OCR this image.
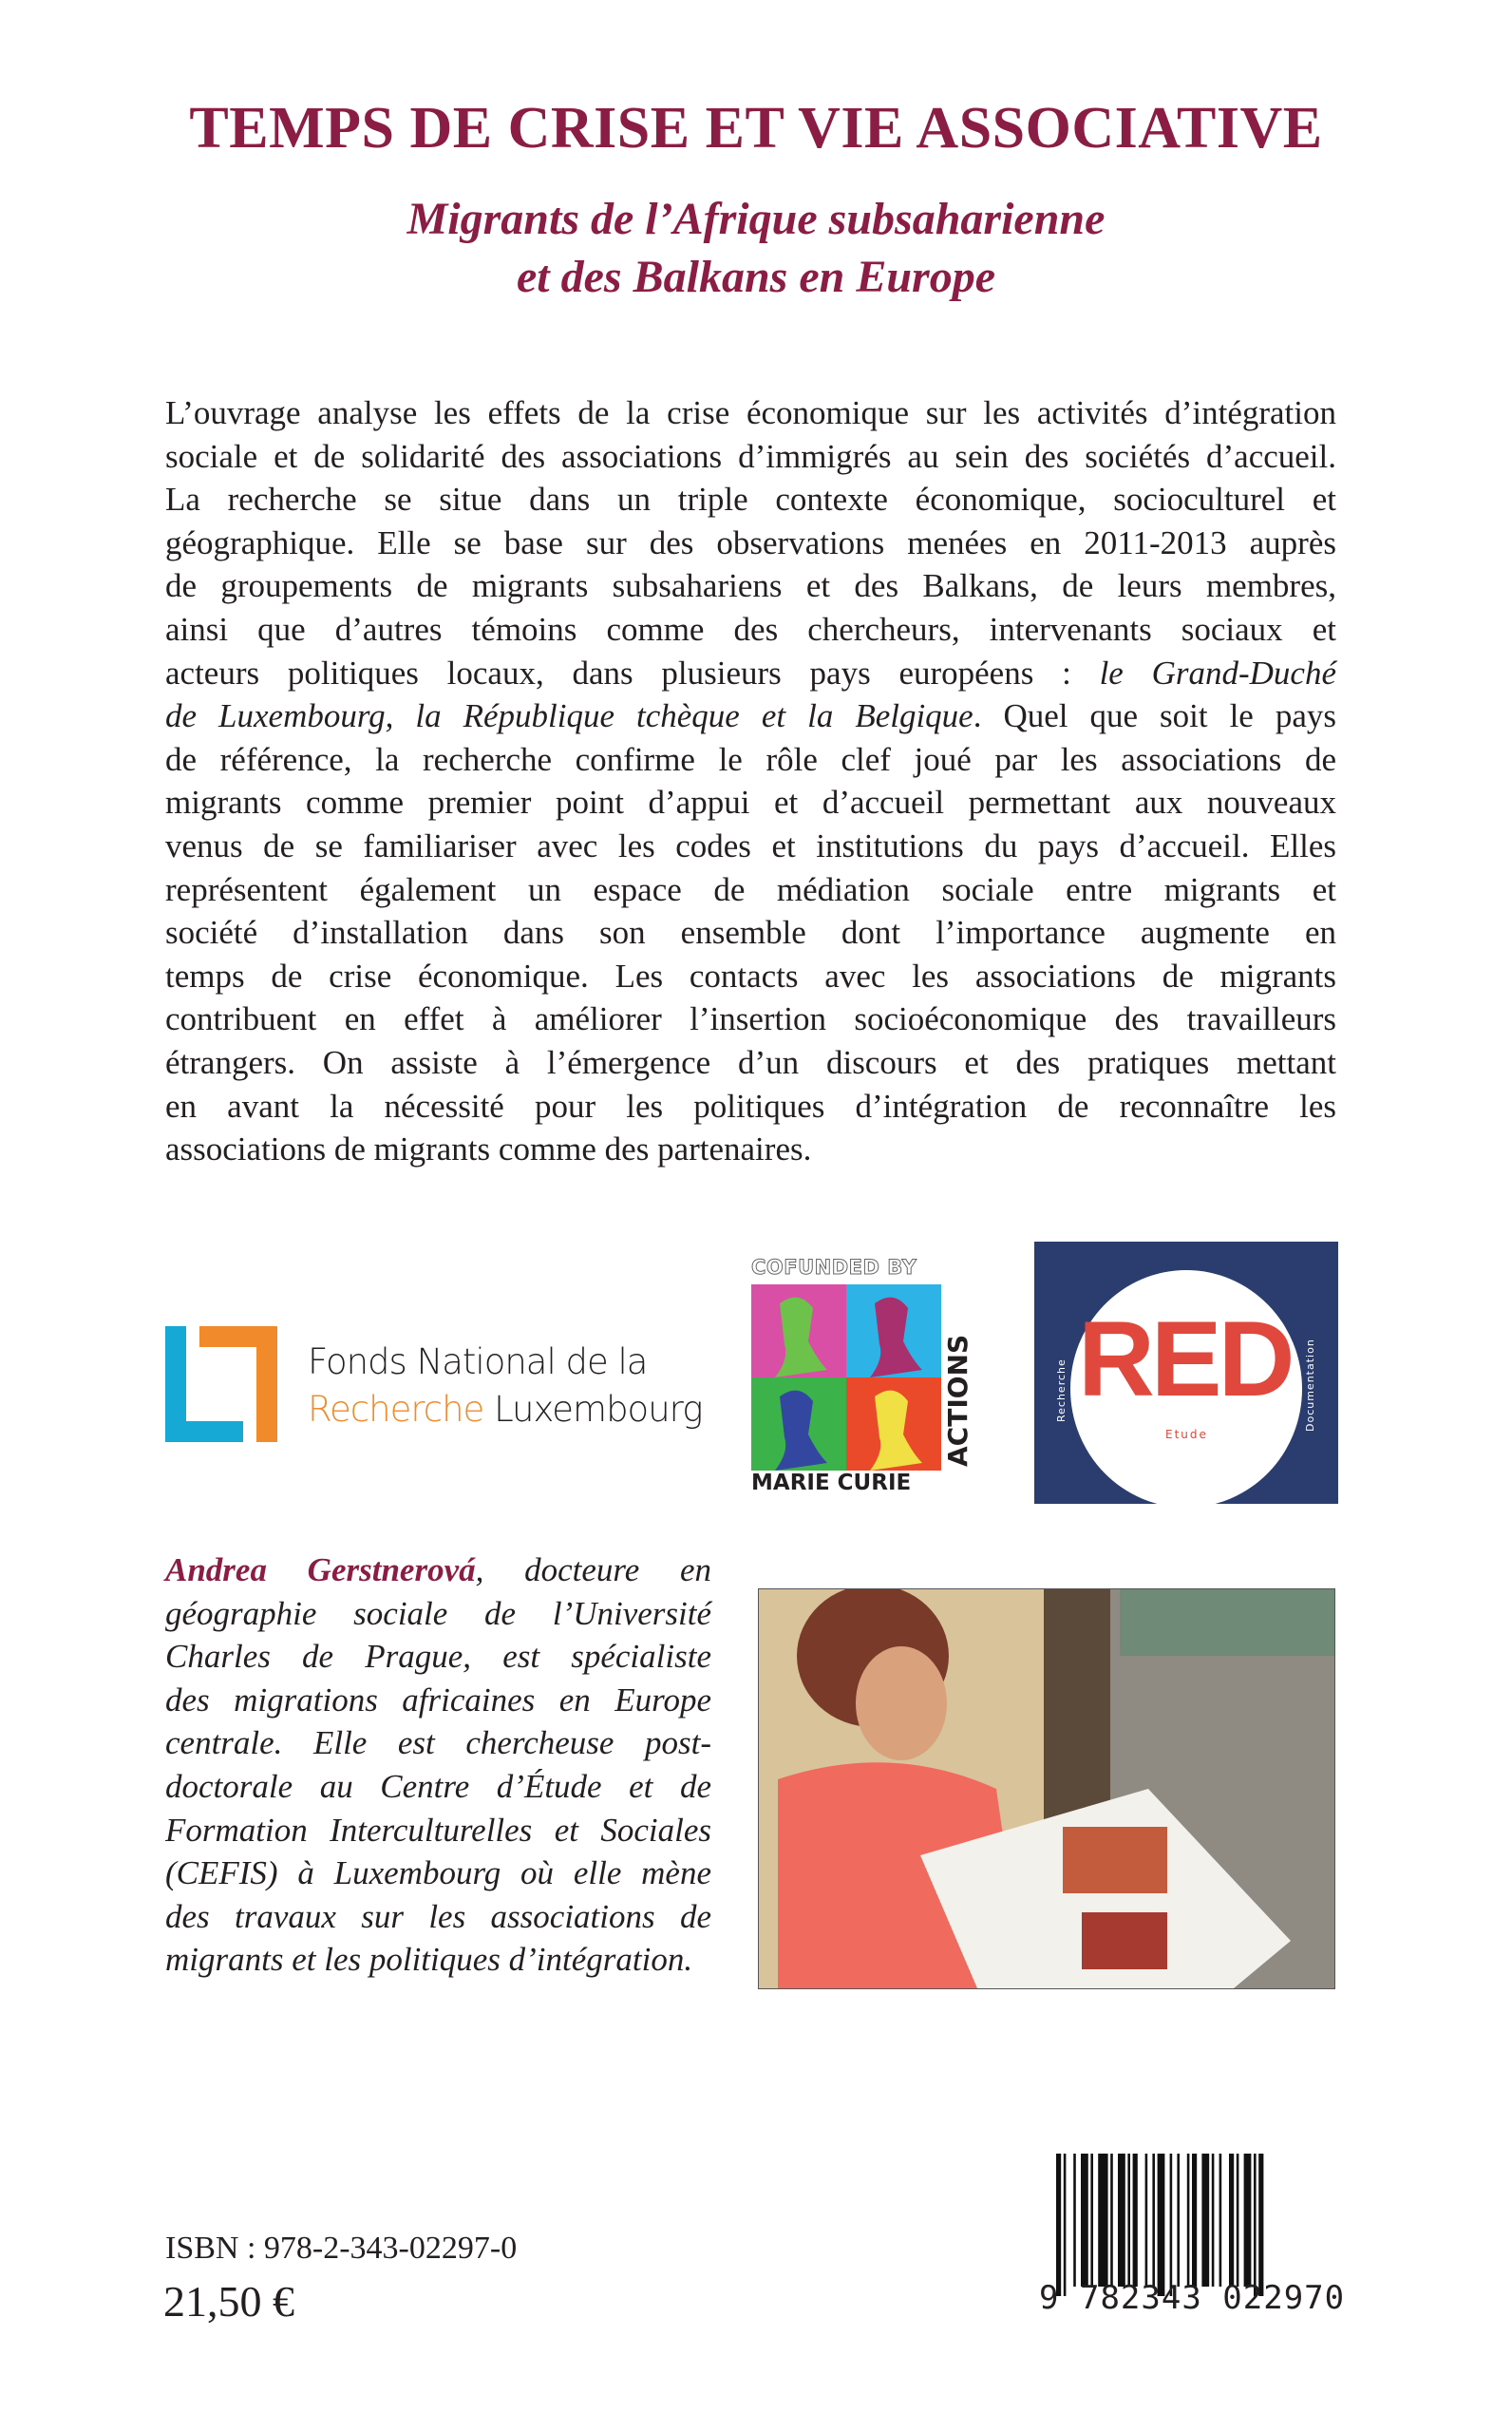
TEMPS DE CRISE ET VIE ASSOCIATIVE
Migrants de l’Afrique subsaharienne
et des Balkans en Europe
L’ouvrage analyse les effets de la crise économique sur les activités d’intégration
sociale et de solidarité des associations d’immigrés au sein des sociétés d’accueil.
La recherche se situe dans un triple contexte économique, socioculturel et
géographique. Elle se base sur des observations menées en 2011-2013 auprès
de groupements de migrants subsahariens et des Balkans, de leurs membres,
ainsi que d’autres témoins comme des chercheurs, intervenants sociaux et
acteurs politiques locaux, dans plusieurs pays européens : le Grand-Duché
de Luxembourg, la République tchèque et la Belgique. Quel que soit le pays
de référence, la recherche confirme le rôle clef joué par les associations de
migrants comme premier point d’appui et d’accueil permettant aux nouveaux
venus de se familiariser avec les codes et institutions du pays d’accueil. Elles
représentent également un espace de médiation sociale entre migrants et
société d’installation dans son ensemble dont l’importance augmente en
temps de crise économique. Les contacts avec les associations de migrants
contribuent en effet à améliorer l’insertion socioéconomique des travailleurs
étrangers. On assiste à l’émergence d’un discours et des pratiques mettant
en avant la nécessité pour les politiques d’intégration de reconnaître les
associations de migrants comme des partenaires.
Fonds National de la
Recherche Luxembourg
COFUNDED BY
ACTIONS
MARIE CURIE
RED
Recherche	Documentation
Etude
Andrea Gerstnerová, docteure en
géographie sociale de l’Université
Charles de Prague, est spécialiste
des migrations africaines en Europe
centrale. Elle est chercheuse post-
doctorale au Centre d’Étude et de
Formation Interculturelles et Sociales
(CEFIS) à Luxembourg où elle mène
des travaux sur les associations de
migrants et les politiques d’intégration.
ISBN : 978-2-343-02297-0
21,50 €	9 782343 022970
